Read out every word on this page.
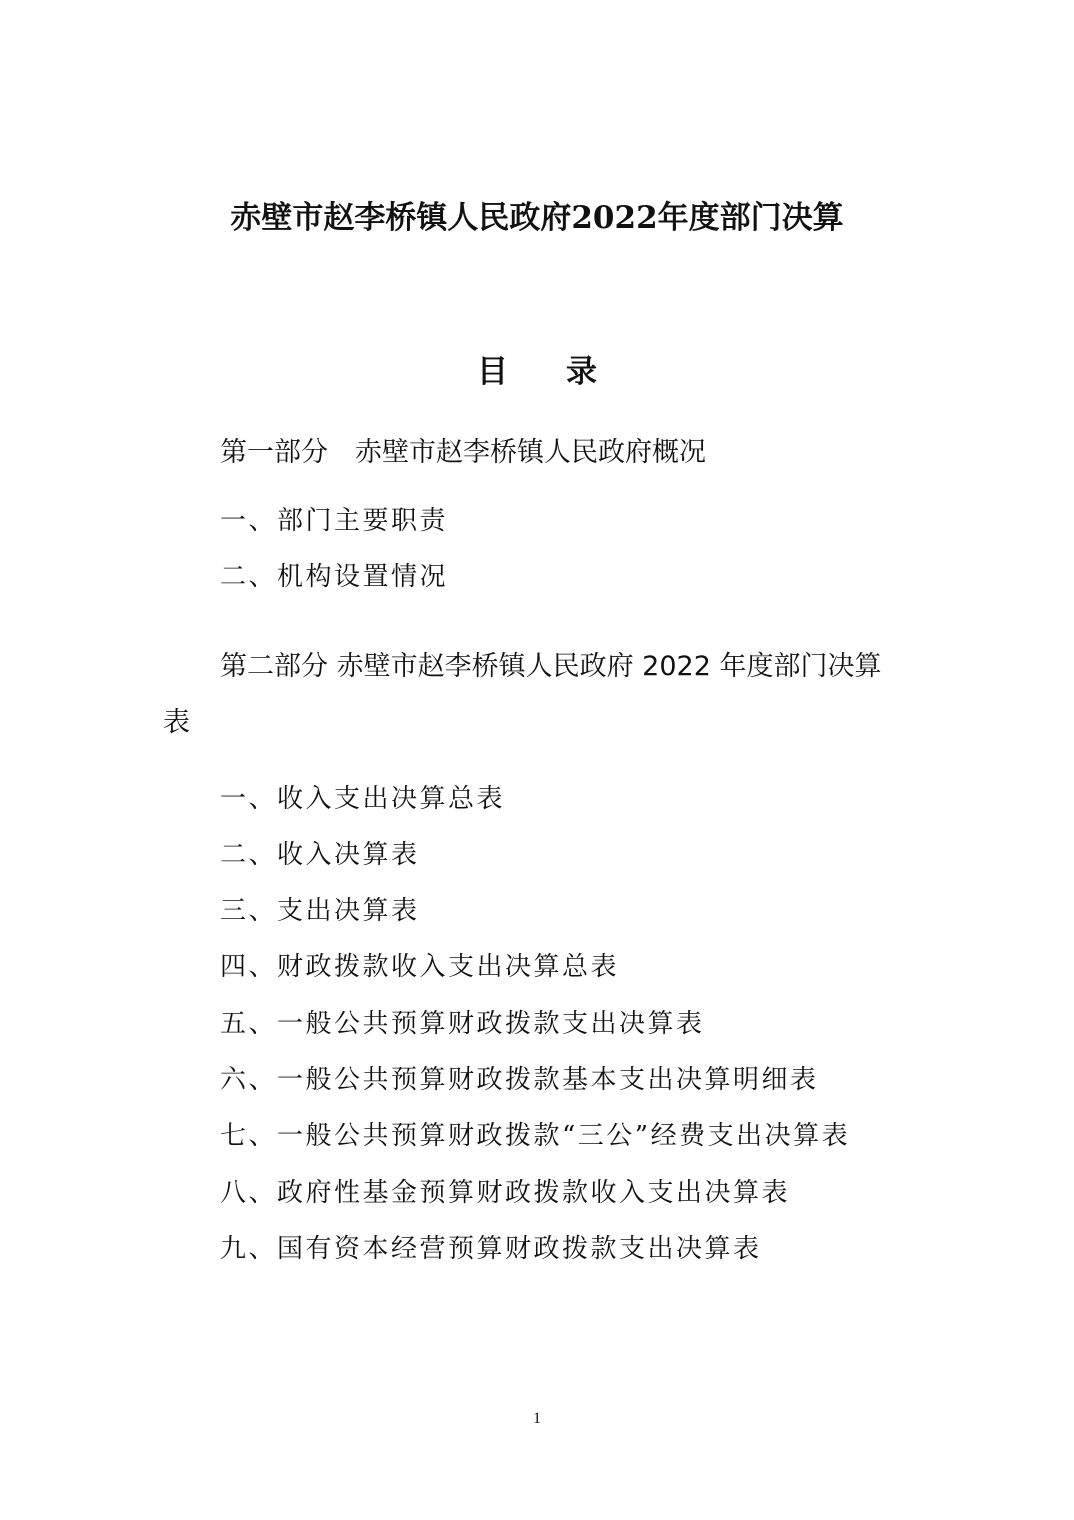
赤壁市赵李桥镇人民政府2022年度部门决算
目 录
第一部分　赤壁市赵李桥镇人民政府概况
一、部门主要职责
二、机构设置情况
第二部分 赤壁市赵李桥镇人民政府 2022 年度部门决算
表
一、收入支出决算总表
二、收入决算表
三、支出决算表
四、财政拨款收入支出决算总表
五、一般公共预算财政拨款支出决算表
六、一般公共预算财政拨款基本支出决算明细表
七、一般公共预算财政拨款“三公”经费支出决算表
八、政府性基金预算财政拨款收入支出决算表
九、国有资本经营预算财政拨款支出决算表
1
